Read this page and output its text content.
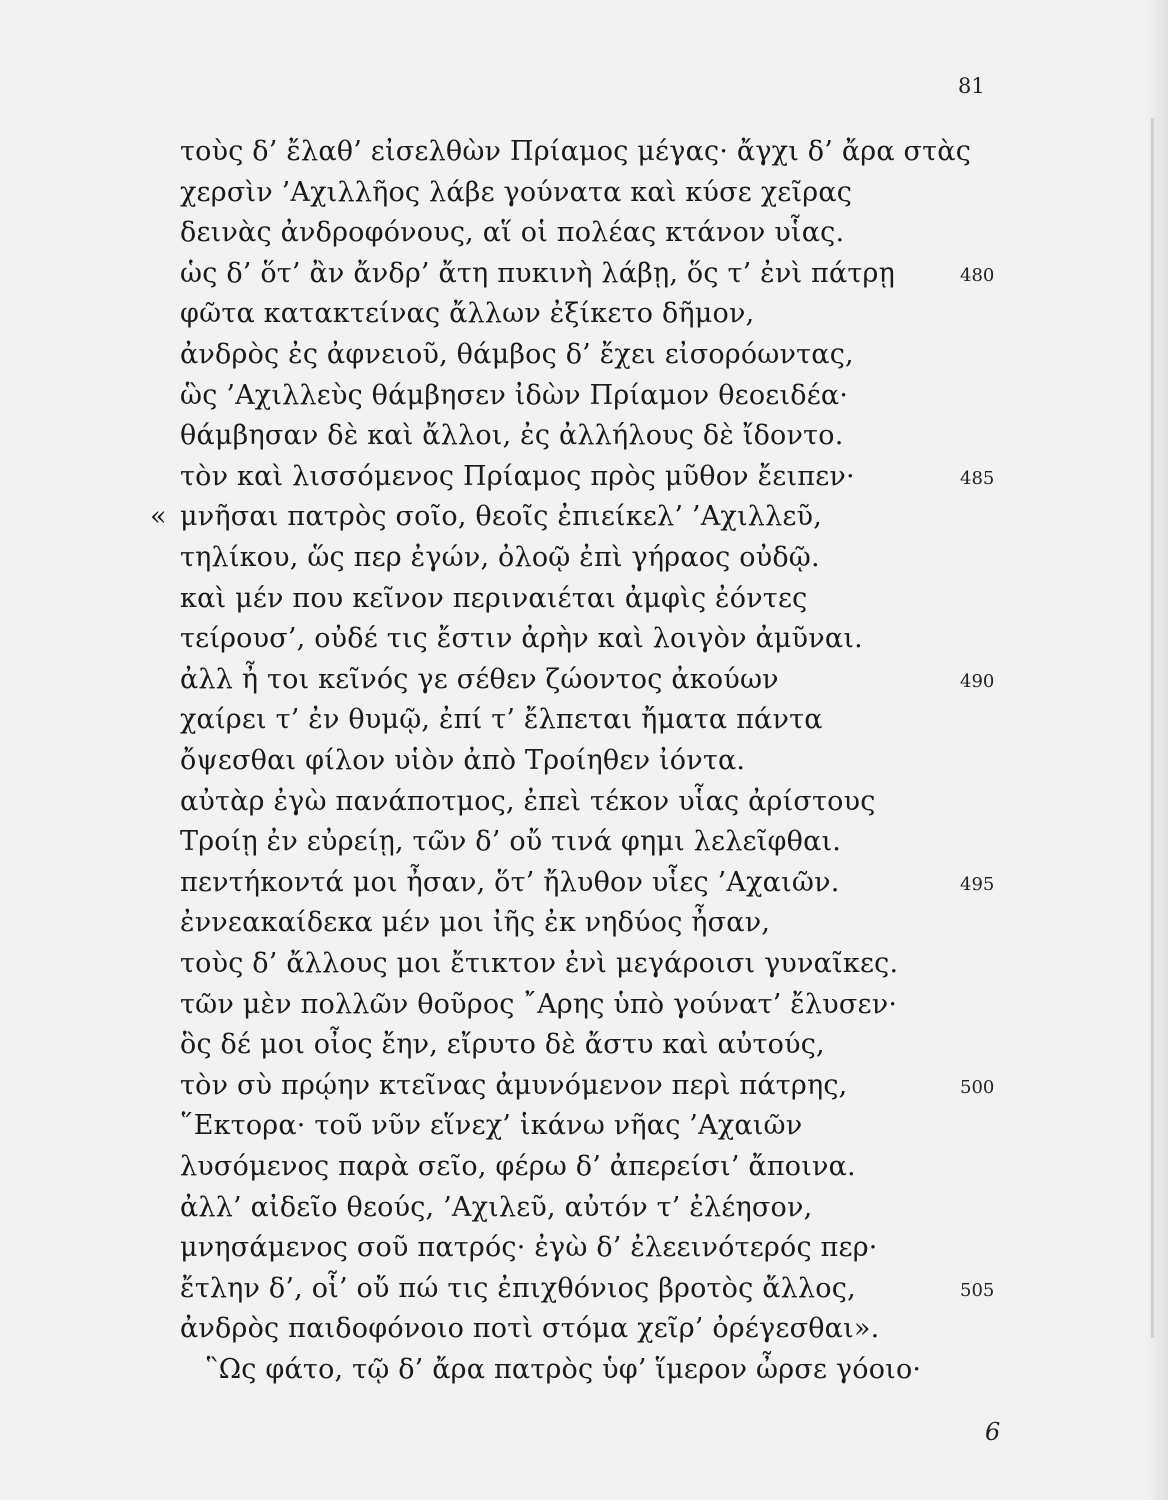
81
τοὺς δ’ ἔλαθ’ εἰσελθὼν Πρίαμος μέγας· ἄγχι δ’ ἄρα στὰς
χερσὶν ’Αχιλλῆος λάβε γούνατα καὶ κύσε χεῖρας
δεινὰς ἀνδροφόνους, αἵ οἱ πολέας κτάνον υἷας.
ὡς δ’ ὅτ’ ἂν ἄνδρ’ ἄτη πυκινὴ λάβῃ, ὅς τ’ ἐνὶ πάτρῃ	480
φῶτα κατακτείνας ἄλλων ἐξίκετο δῆμον,
ἀνδρὸς ἐς ἀφνειοῦ, θάμβος δ’ ἔχει εἰσορόωντας,
ὣς ’Αχιλλεὺς θάμβησεν ἰδὼν Πρίαμον θεοειδέα·
θάμβησαν δὲ καὶ ἄλλοι, ἐς ἀλλήλους δὲ ἴδοντο.
τὸν καὶ λισσόμενος Πρίαμος πρὸς μῦθον ἔειπεν·	485
μνῆσαι πατρὸς σοῖο, θεοῖς ἐπιείκελ’ ’Αχιλλεῦ,
«
τηλίκου, ὥς περ ἐγών, ὀλοῷ ἐπὶ γήραος οὐδῷ.
καὶ μέν που κεῖνον περιναιέται ἀμφὶς ἐόντες
τείρουσ’, οὐδέ τις ἔστιν ἀρὴν καὶ λοιγὸν ἀμῦναι.
ἀλλ ἦ τοι κεῖνός γε σέθεν ζώοντος ἀκούων	490
χαίρει τ’ ἐν θυμῷ, ἐπί τ’ ἔλπεται ἤματα πάντα
ὄψεσθαι φίλον υἱὸν ἀπὸ Τροίηθεν ἰόντα.
αὐτὰρ ἐγὼ πανάποτμος, ἐπεὶ τέκον υἷας ἀρίστους
Τροίῃ ἐν εὐρείῃ, τῶν δ’ οὔ τινά φημι λελεῖφθαι.
πεντήκοντά μοι ἦσαν, ὅτ’ ἤλυθον υἷες ’Αχαιῶν.	495
ἐννεακαίδεκα μέν μοι ἰῆς ἐκ νηδύος ἦσαν,
τοὺς δ’ ἄλλους μοι ἔτικτον ἐνὶ μεγάροισι γυναῖκες.
τῶν μὲν πολλῶν θοῦρος ῎Αρης ὑπὸ γούνατ’ ἔλυσεν·
ὃς δέ μοι οἶος ἔην, εἴρυτο δὲ ἄστυ καὶ αὐτούς,
τὸν σὺ πρῴην κτεῖνας ἀμυνόμενον περὶ πάτρης,	500
῞Εκτορα· τοῦ νῦν εἵνεχ’ ἱκάνω νῆας ’Αχαιῶν
λυσόμενος παρὰ σεῖο, φέρω δ’ ἀπερείσι’ ἄποινα.
ἀλλ’ αἰδεῖο θεούς, ’Αχιλεῦ, αὐτόν τ’ ἐλέησον,
μνησάμενος σοῦ πατρός· ἐγὼ δ’ ἐλεεινότερός περ·
ἔτλην δ’, οἷ’ οὔ πώ τις ἐπιχθόνιος βροτὸς ἄλλος,	505
ἀνδρὸς παιδοφόνοιο ποτὶ στόμα χεῖρ’ ὀρέγεσθαι».
῝Ως φάτο, τῷ δ’ ἄρα πατρὸς ὑφ’ ἵμερον ὦρσε γόοιο·
6
